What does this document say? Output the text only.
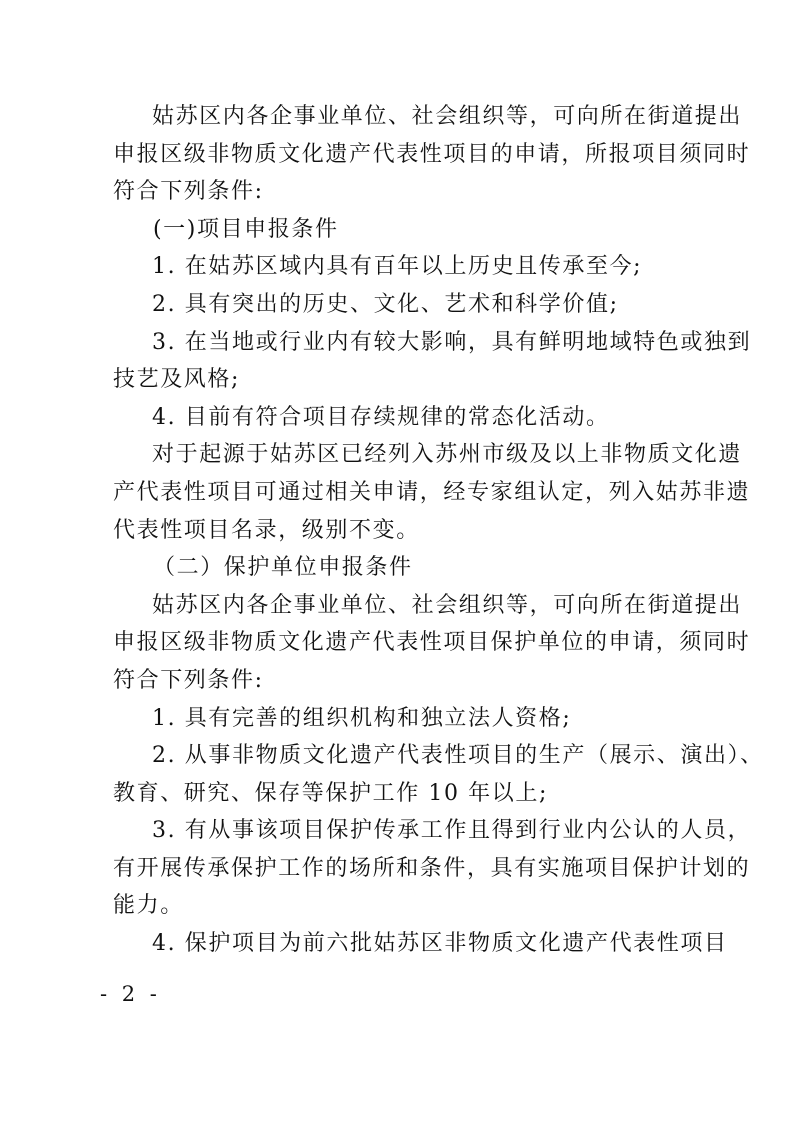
姑苏区内各企事业单位、社会组织等，可向所在街道提出
申报区级非物质文化遗产代表性项目的申请，所报项目须同时
符合下列条件:
(一)项目申报条件
1. 在姑苏区域内具有百年以上历史且传承至今;
2. 具有突出的历史、文化、艺术和科学价值;
3. 在当地或行业内有较大影响，具有鲜明地域特色或独到
技艺及风格;
4. 目前有符合项目存续规律的常态化活动。
对于起源于姑苏区已经列入苏州市级及以上非物质文化遗
产代表性项目可通过相关申请，经专家组认定，列入姑苏非遗
代表性项目名录，级别不变。
（二）保护单位申报条件
姑苏区内各企事业单位、社会组织等，可向所在街道提出
申报区级非物质文化遗产代表性项目保护单位的申请，须同时
符合下列条件:
1. 具有完善的组织机构和独立法人资格;
2. 从事非物质文化遗产代表性项目的生产（展示、演出）、
教育、研究、保存等保护工作 10 年以上;
3. 有从事该项目保护传承工作且得到行业内公认的人员，
有开展传承保护工作的场所和条件，具有实施项目保护计划的
能力。
4. 保护项目为前六批姑苏区非物质文化遗产代表性项目
- 2 -
